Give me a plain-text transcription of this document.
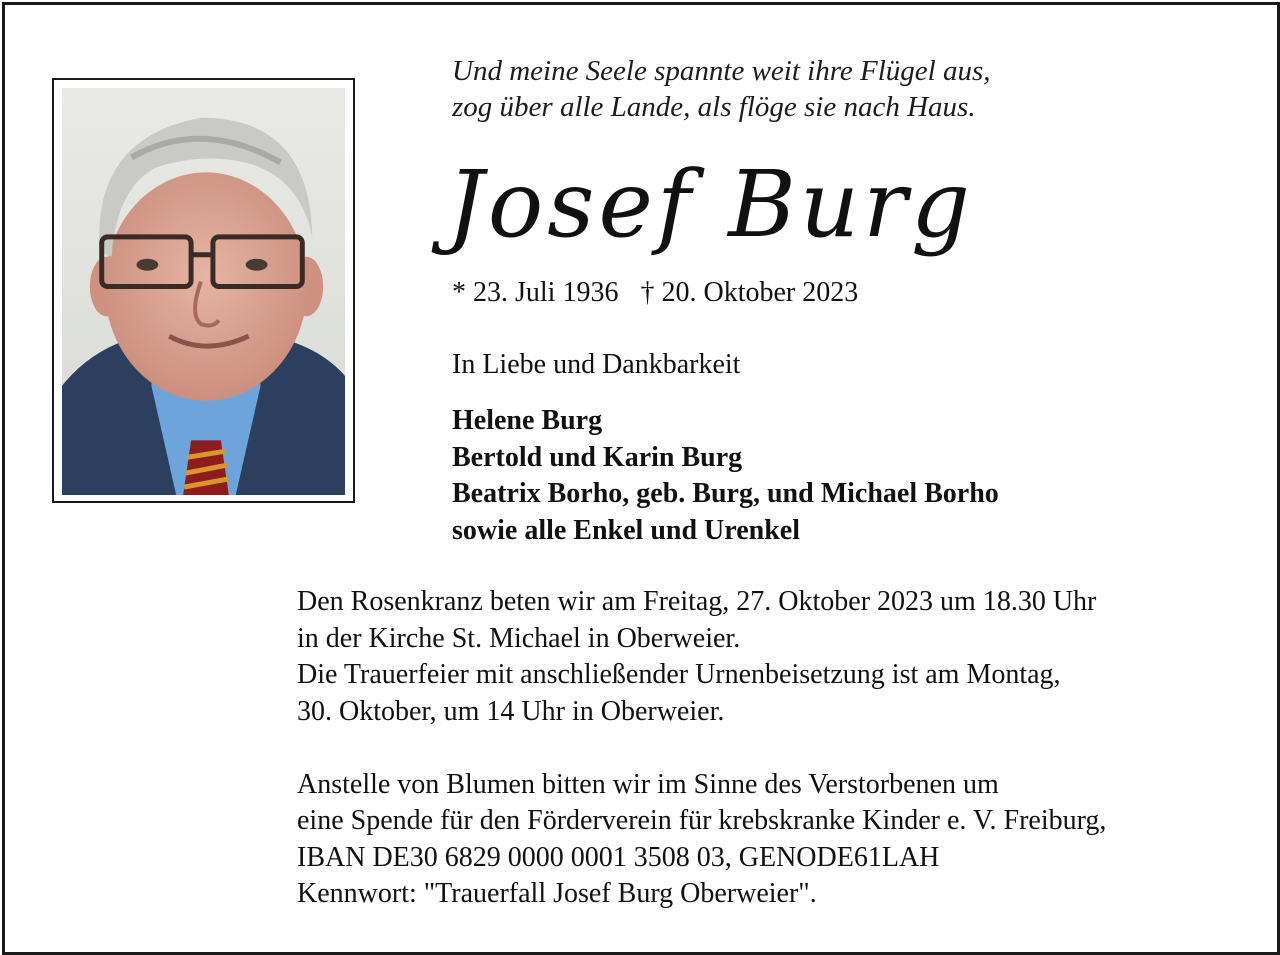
Und meine Seele spannte weit ihre Flügel aus,
zog über alle Lande, als flöge sie nach Haus.
Josef Burg
* 23. Juli 1936 † 20. Oktober 2023
In Liebe und Dankbarkeit
Helene Burg
Bertold und Karin Burg
Beatrix Borho, geb. Burg, und Michael Borho
sowie alle Enkel und Urenkel
Den Rosenkranz beten wir am Freitag, 27. Oktober 2023 um 18.30 Uhr
in der Kirche St. Michael in Oberweier.
Die Trauerfeier mit anschließender Urnenbeisetzung ist am Montag,
30. Oktober, um 14 Uhr in Oberweier.
Anstelle von Blumen bitten wir im Sinne des Verstorbenen um
eine Spende für den Förderverein für krebskranke Kinder e. V. Freiburg,
IBAN DE30 6829 0000 0001 3508 03, GENODE61LAH
Kennwort: "Trauerfall Josef Burg Oberweier".
